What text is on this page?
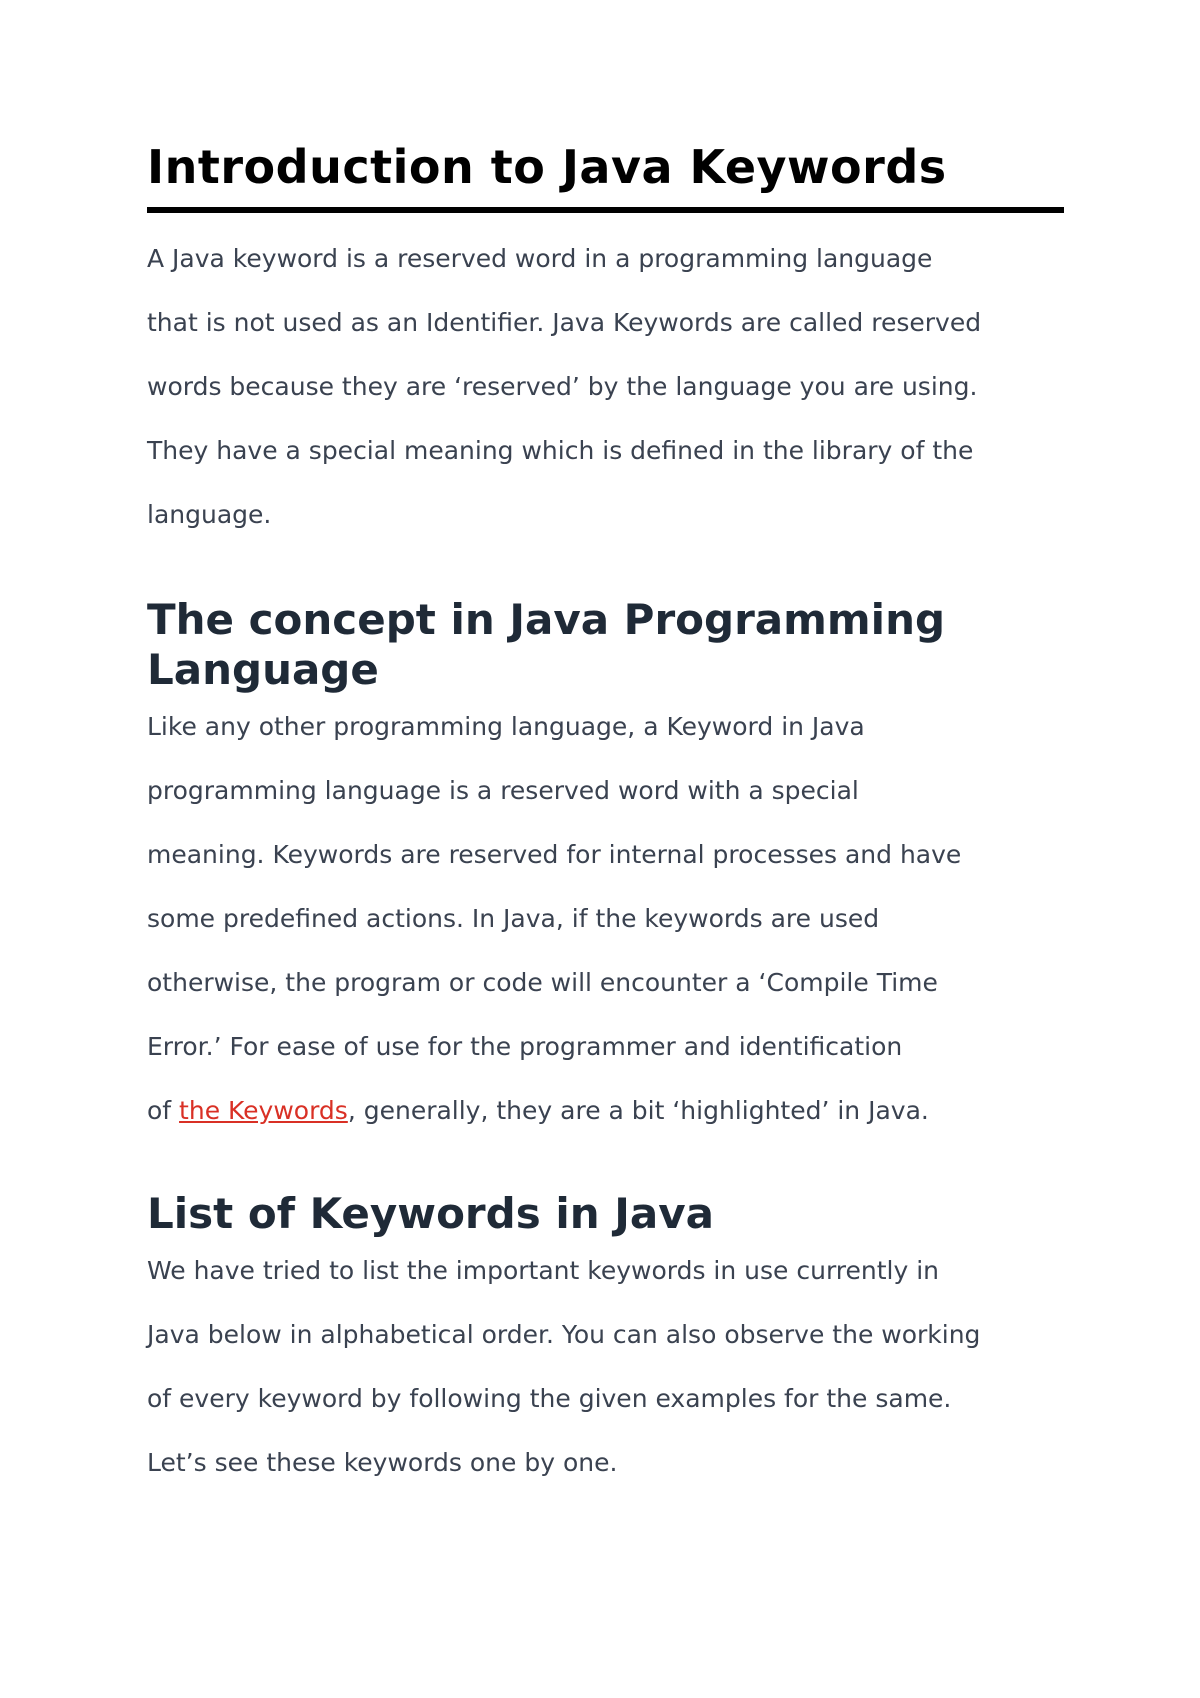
Introduction to Java Keywords
A Java keyword is a reserved word in a programming language
that is not used as an Identifier. Java Keywords are called reserved
words because they are ‘reserved’ by the language you are using.
They have a special meaning which is defined in the library of the
language.
The concept in Java Programming
Language
Like any other programming language, a Keyword in Java
programming language is a reserved word with a special
meaning. Keywords are reserved for internal processes and have
some predefined actions. In Java, if the keywords are used
otherwise, the program or code will encounter a ‘Compile Time
Error.’ For ease of use for the programmer and identification
of the Keywords, generally, they are a bit ‘highlighted’ in Java.
List of Keywords in Java
We have tried to list the important keywords in use currently in
Java below in alphabetical order. You can also observe the working
of every keyword by following the given examples for the same.
Let’s see these keywords one by one.
